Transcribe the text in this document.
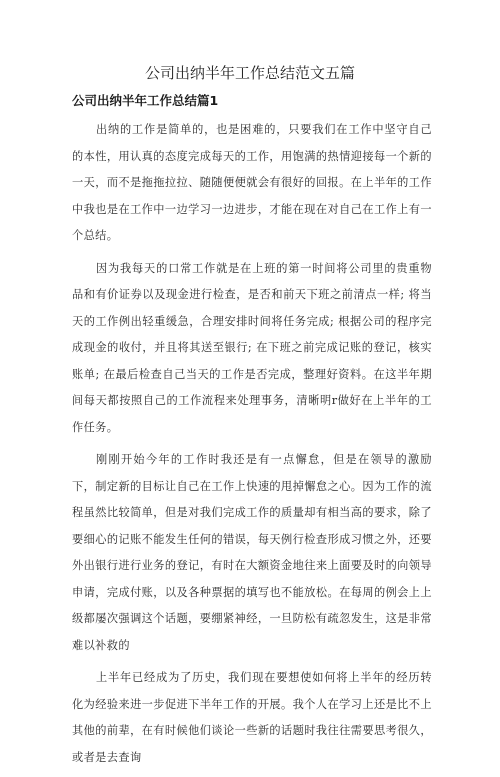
公司出纳半年工作总结范文五篇
公司出纳半年工作总结篇1

出纳的工作是简单的，也是困难的，只要我们在工作中坚守自己的本性，用认真的态度完成每天的工作，用饱满的热情迎接每一个新的一天，而不是拖拖拉拉、随随便便就会有很好的回报。在上半年的工作中我也是在工作中一边学习一边进步，才能在现在对自己在工作上有一个总结。

因为我每天的口常工作就是在上班的第一时间将公司里的贵重物品和有价证券以及现金进行检查，是否和前天下班之前清点一样; 将当天的工作例出轻重缓急，合理安排时间将任务完成; 根据公司的程序完成现金的收付，并且将其送至银行; 在下班之前完成记账的登记，核实账单; 在最后检查自己当天的工作是否完成，整理好资料。在这半年期间每天都按照自己的工作流程来处理事务，清晰明r做好在上半年的工作任务。

刚刚开始今年的工作时我还是有一点懈怠，但是在领导的激励下，制定新的目标让自己在工作上快速的甩掉懈怠之心。因为工作的流程虽然比较简单，但是对我们完成工作的质量却有相当高的要求，除了要细心的记账不能发生任何的错误，每天例行检查形成习惯之外，还要外出银行进行业务的登记，有时在大额资金地往来上面要及时的向领导申请，完成付账，以及各种票据的填写也不能放松。在每周的例会上上级都屡次强调这个话题，要绷紧神经，一旦防松有疏忽发生，这是非常难以补救的

上半年已经成为了历史，我们现在要想使如何将上半年的经历转化为经验来进一步促进下半年工作的开展。我个人在学习上还是比不上其他的前辈，在有时候他们谈论一些新的话题时我往往需要思考很久，或者是去查询
